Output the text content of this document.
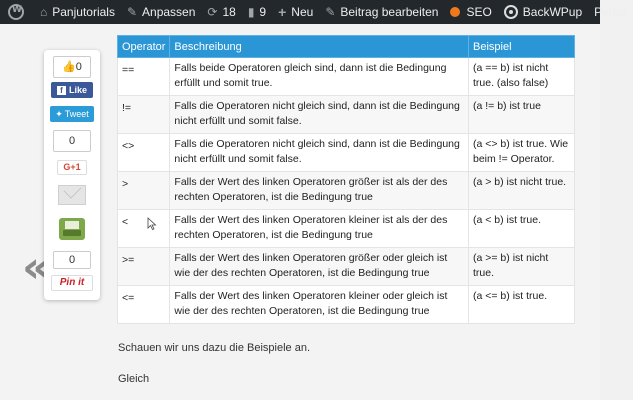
W
⌂ Panjutorials ✎ Anpassen ⟳ 18 ▮ 9 + Neu ✎ Beitrag bearbeiten SEO	BackWPup Perfor
«
👍0
f Like
✦ Tweet
0
G+1
0
Pin it
Operator	Beschreibung	Beispiel
==	Falls beide Operatoren gleich sind, dann ist die Bedingung erfüllt und somit true.	(a == b) ist nicht true. (also false)
!=	Falls die Operatoren nicht gleich sind, dann ist die Bedingung nicht erfüllt und somit false.	(a != b) ist true
<>	Falls die Operatoren nicht gleich sind, dann ist die Bedingung nicht erfüllt und somit false.	(a <> b) ist true. Wie beim != Operator.
>	Falls der Wert des linken Operatoren größer ist als der des rechten Operatoren, ist die Bedingung true	(a > b) ist nicht true.
<	Falls der Wert des linken Operatoren kleiner ist als der des rechten Operatoren, ist die Bedingung true	(a < b) ist true.
>=	Falls der Wert des linken Operatoren größer oder gleich ist wie der des rechten Operatoren, ist die Bedingung true	(a >= b) ist nicht true.
<=	Falls der Wert des linken Operatoren kleiner oder gleich ist wie der des rechten Operatoren, ist die Bedingung true	(a <= b) ist true.
Schauen wir uns dazu die Beispiele an.
Gleich
